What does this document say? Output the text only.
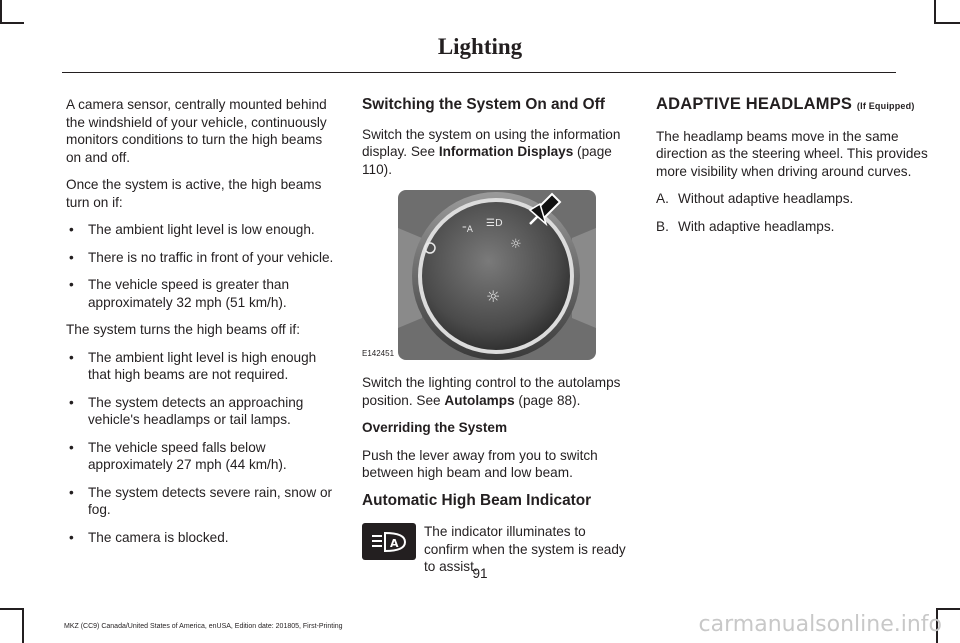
Lighting

A camera sensor, centrally mounted behind the windshield of your vehicle, continuously monitors conditions to turn the high beams on and off.

Once the system is active, the high beams turn on if:

• The ambient light level is low enough.
• There is no traffic in front of your vehicle.
• The vehicle speed is greater than approximately 32 mph (51 km/h).

The system turns the high beams off if:

• The ambient light level is high enough that high beams are not required.
• The system detects an approaching vehicle's headlamps or tail lamps.
• The vehicle speed falls below approximately 27 mph (44 km/h).
• The system detects severe rain, snow or fog.
• The camera is blocked.
Switching the System On and Off

Switch the system on using the information display. See Information Displays (page 110).

⁼A
☰D
☼
☼
E142451

Switch the lighting control to the autolamps position. See Autolamps (page 88).

Overriding the System

Push the lever away from you to switch between high beam and low beam.

Automatic High Beam Indicator
A
The indicator illuminates to confirm when the system is ready to assist.
ADAPTIVE HEADLAMPS (If Equipped)

The headlamp beams move in the same direction as the steering wheel. This provides more visibility when driving around curves.

A. Without adaptive headlamps.
B. With adaptive headlamps.
91
MKZ (CC9) Canada/United States of America, enUSA, Edition date: 201805, First-Printing	carmanualsonline.info
